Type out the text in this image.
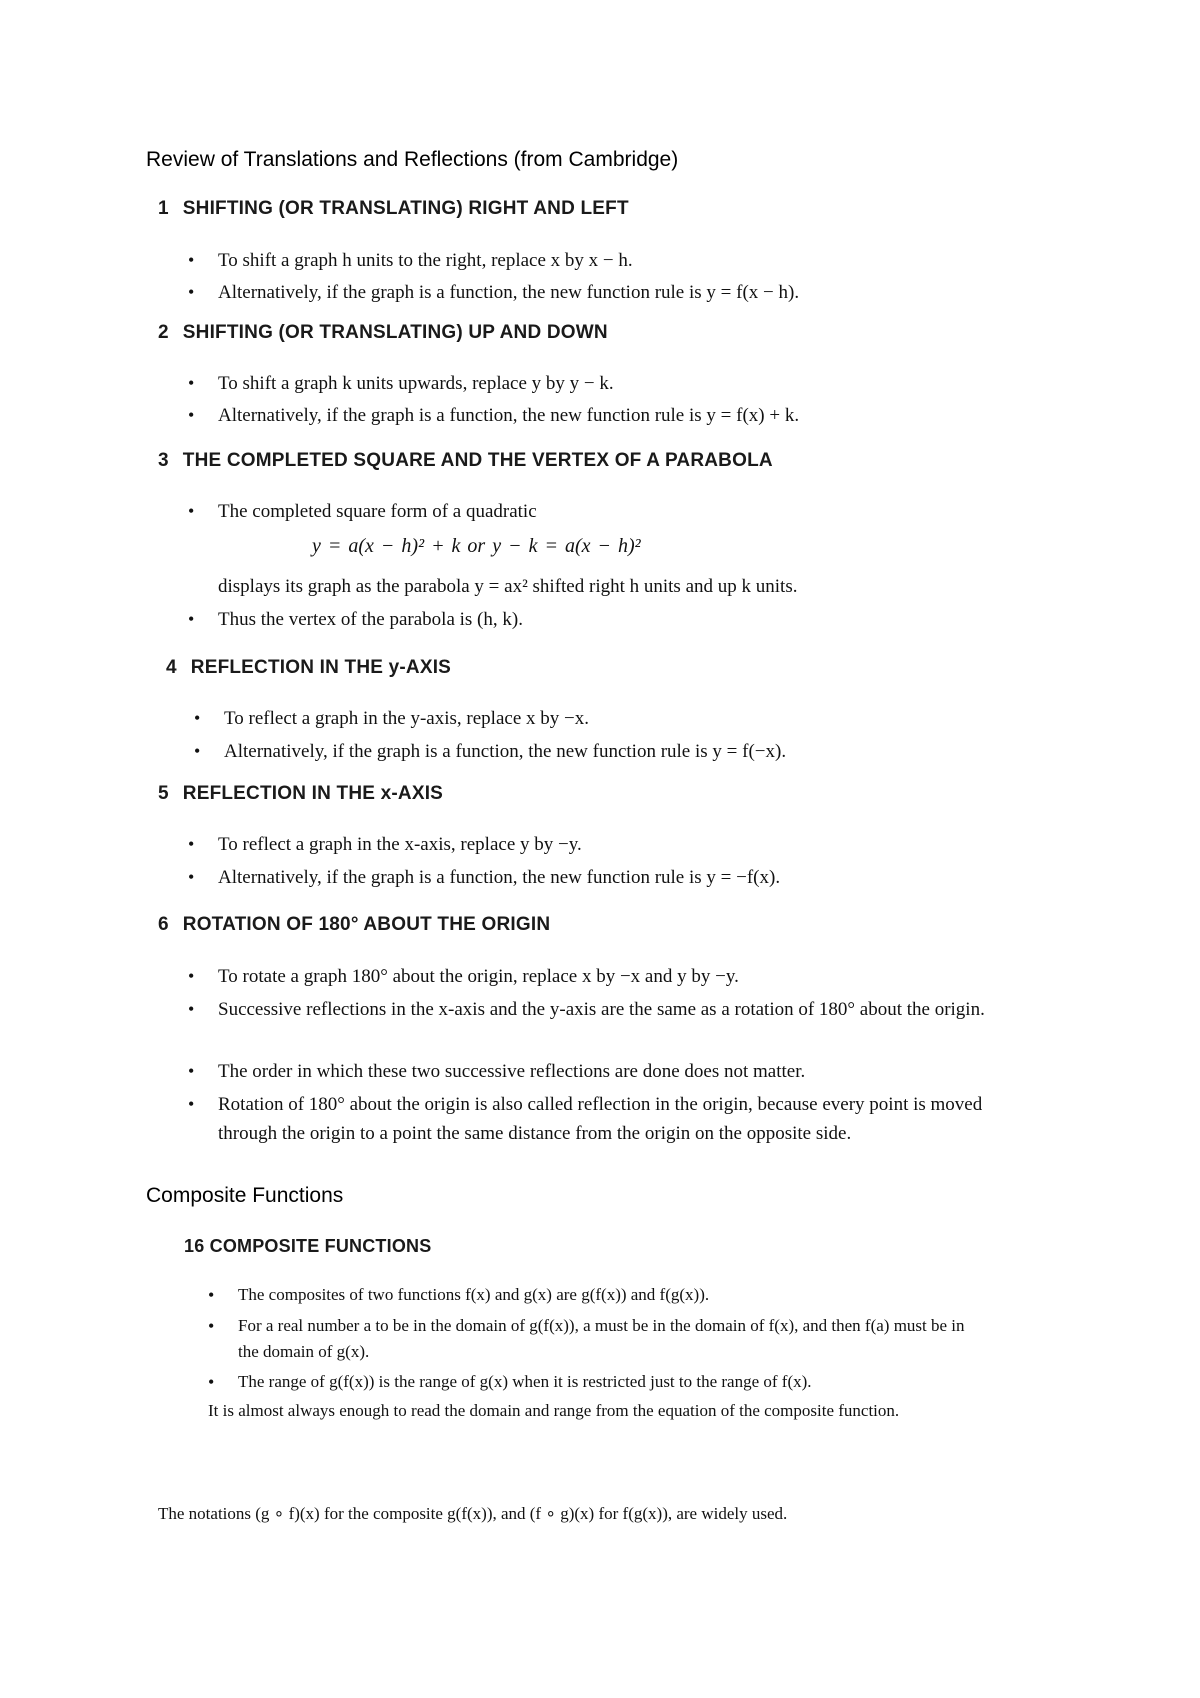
Review of Translations and Reflections (from Cambridge)
1 SHIFTING (OR TRANSLATING) RIGHT AND LEFT
• To shift a graph h units to the right, replace x by x − h.
• Alternatively, if the graph is a function, the new function rule is y = f(x − h).
2 SHIFTING (OR TRANSLATING) UP AND DOWN
• To shift a graph k units upwards, replace y by y − k.
• Alternatively, if the graph is a function, the new function rule is y = f(x) + k.
3 THE COMPLETED SQUARE AND THE VERTEX OF A PARABOLA
• The completed square form of a quadratic
y = a(x − h)² + k or y − k = a(x − h)²
displays its graph as the parabola y = ax² shifted right h units and up k units.
• Thus the vertex of the parabola is (h, k).
4 REFLECTION IN THE y-AXIS
• To reflect a graph in the y-axis, replace x by −x.
• Alternatively, if the graph is a function, the new function rule is y = f(−x).
5 REFLECTION IN THE x-AXIS
• To reflect a graph in the x-axis, replace y by −y.
• Alternatively, if the graph is a function, the new function rule is y = −f(x).
6 ROTATION OF 180° ABOUT THE ORIGIN
• To rotate a graph 180° about the origin, replace x by −x and y by −y.
• Successive reflections in the x-axis and the y-axis are the same as a rotation of 180° about the origin.
• The order in which these two successive reflections are done does not matter.
• Rotation of 180° about the origin is also called reflection in the origin, because every point is moved through the origin to a point the same distance from the origin on the opposite side.
Composite Functions
16 COMPOSITE FUNCTIONS
• The composites of two functions f(x) and g(x) are g(f(x)) and f(g(x)).
• For a real number a to be in the domain of g(f(x)), a must be in the domain of f(x), and then f(a) must be in the domain of g(x).
• The range of g(f(x)) is the range of g(x) when it is restricted just to the range of f(x).
It is almost always enough to read the domain and range from the equation of the composite function.
The notations (g ∘ f)(x) for the composite g(f(x)), and (f ∘ g)(x) for f(g(x)), are widely used.
